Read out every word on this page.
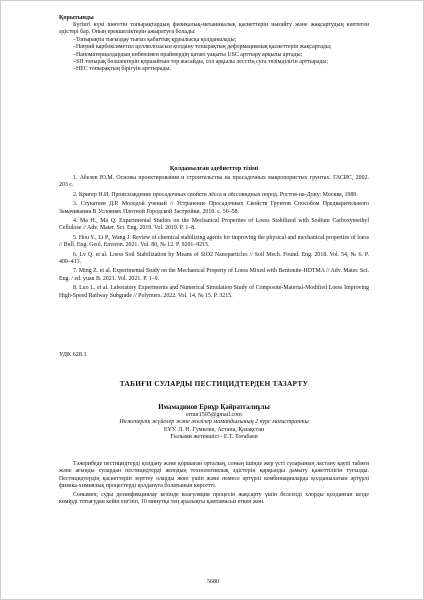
Қорытынды

Бүгінгі күні шөгетін топырақтардың физикалық-механикалық қасиеттерін нығайту және жақсартудың көптеген әдістері бар. Оның ерекшеліктерін ажыратуға болады:

–Топырақты тығыздау тығыз қабаттық құрылысқа қолданылады;

–Натрий карбоксиметил целлюлозасын қолдану топырақтың деформациялық қасиеттерін жақсартады;

–Наноматериалдардың көбеюімен праймердің қатаю уақыты USC арттыру арқылы артады;

–SH топырақ бөлшектерін қоршайтын тор жасайды, сол арқылы лесстің суға төзімділігін арттырады;

–НЕС топырақтың бірігуін арттырады.

Қолданылған әдебиеттер тізімі

1. Абелев Ю.М. Основы проектирования и строительства на просадочных макропористых грунтах. ГАСИС, 2002. 203 с.

2. Кригер Н.И. Происхождение просадочных свойств лёсса и лёссовидных пород. Ростов-на-Дону: Москва, 1989.

3. Стукатеев Д.Р. Молодой ученый // Устранение Просадочных Свойств Грунтов Способом Предварительного Замачивания В Условиях Плотной Городской Застройки. 2018. с. 56–58.

4. Ma H., Ma Q. Experimental Studies on the Mechanical Properties of Loess Stabilized with Sodium Carboxymethyl Cellulose // Adv. Mater. Sci. Eng. 2019. Vol. 2019. P. 1–8.

5. Hou Y., Li P., Wang J. Review of chemical stabilizing agents for improving the physical and mechanical properties of loess // Bull. Eng. Geol. Environ. 2021. Vol. 80, № 12. P. 9201–9215.

6. Lv Q. et al. Loess Soil Stabilization by Means of SiO2 Nanoparticles // Soil Mech. Found. Eng. 2018. Vol. 54, № 6. P. 409–413.

7. Ming Z. et al. Experimental Study on the Mechanical Property of Loess Mixed with Bentonite-HDTMA // Adv. Mater. Sci. Eng. / ed. yuan B. 2021. Vol. 2021. P. 1–9.

8. Luo L. et al. Laboratory Experiments and Numerical Simulation Study of Composite-Material-Modified Loess Improving High-Speed Railway Subgrade // Polymers. 2022. Vol. 14, № 15. P. 3215.

УДК 628.1
ТАБИҒИ СУЛАРДЫ ПЕСТИЦИДТЕРДЕН ТАЗАРТУ

Имамадинов Ернұр Қайратғалиұлы

ernur1505@gmail.com

Инженерлік жүйелер және желілер мамандығының 2 курс магистранты

ЕҰУ. Л. Н. Гумилев, Астана, Қазақстан

Ғылыми жетекшісі - Е.Т. Тоғабаев

Тәжірибеде пестицидтерді қолдану және қоршаған орталың, соның ішінде жер үсті суларының ластану қаупі табиғи және ағынды сулардан пестицидтерді жоюдың технологиялық әдістерін қарқынды дамыту қажеттілігін туғызды. Пестицидтердің қасиеттерін зерттеу оларды жою үшін және немесе әртүрлі комбинацияларда қолданылатын әртүрлі физика-химиялық процестерді қолдануға болатынын көрсетті.

Сонымен, суды дезинфекциялау кезінде коагуляция процесін жақсарту үшін белсенді хлорды қолданған кезде көмірді тотығудан кейін енгізіп, 10 минутқа тең аралықты қамтамасыз еткен жөн.

5680
